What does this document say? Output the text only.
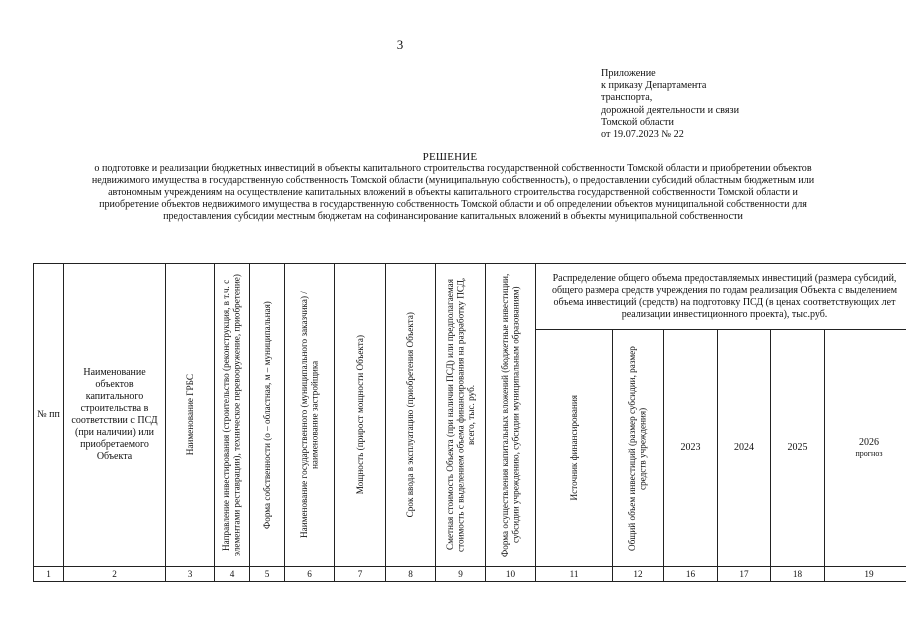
3
Приложение
к приказу Департамента
транспорта,
дорожной деятельности и связи
Томской области
от 19.07.2023 № 22
РЕШЕНИЕ
о подготовке и реализации бюджетных инвестиций в объекты капитального строительства государственной собственности Томской области и приобретении объектов
недвижимого имущества в государственную собственность Томской области (муниципальную собственность), о предоставлении субсидий областным бюджетным или
автономным учреждениям на осуществление капитальных вложений в объекты капитального строительства государственной собственности Томской области и
приобретение объектов недвижимого имущества в государственную собственность Томской области и об определении объектов муниципальной собственности для
предоставления субсидии местным бюджетам на софинансирование капитальных вложений в объекты муниципальной собственности
№ пп	Наименование объектов капитального строительства в соответствии с ПСД (при наличии) или приобретаемого Объекта	Наименование ГРБС	Направление инвестирования (строительство (реконструкция, в т.ч. с элементами реставрации), техническое перевооружение, приобретение)	Форма собственности (о – областная, м – муниципальная)	Наименование государственного (муниципального заказчика) / наименование застройщика	Мощность (прирост мощности Объекта)	Срок ввода в эксплуатацию (приобретения Объекта)	Сметная стоимость Объекта (при наличии ПСД) или предполагаемая стоимость с выделением объема финансирования на разработку ПСД, всего, тыс. руб.	Форма осуществления капитальных вложений (бюджетные инвестиции, субсидии учреждению, субсидии муниципальным образованиям)	Распределение общего объема предоставляемых инвестиций (размера субсидий, общего размера средств учреждения по годам реализация Объекта с выделением объема инвестиций (средств) на подготовку ПСД (в ценах соответствующих лет реализации инвестиционного проекта), тыс.руб.					

										Источник финансирования	Общий объем инвестиций (размер субсидии, размер средств учреждения)	2023	2024	2025	2026
прогноз

1	2	3	4	5	6	7	8	9	10	11	12	16	17	18	19
